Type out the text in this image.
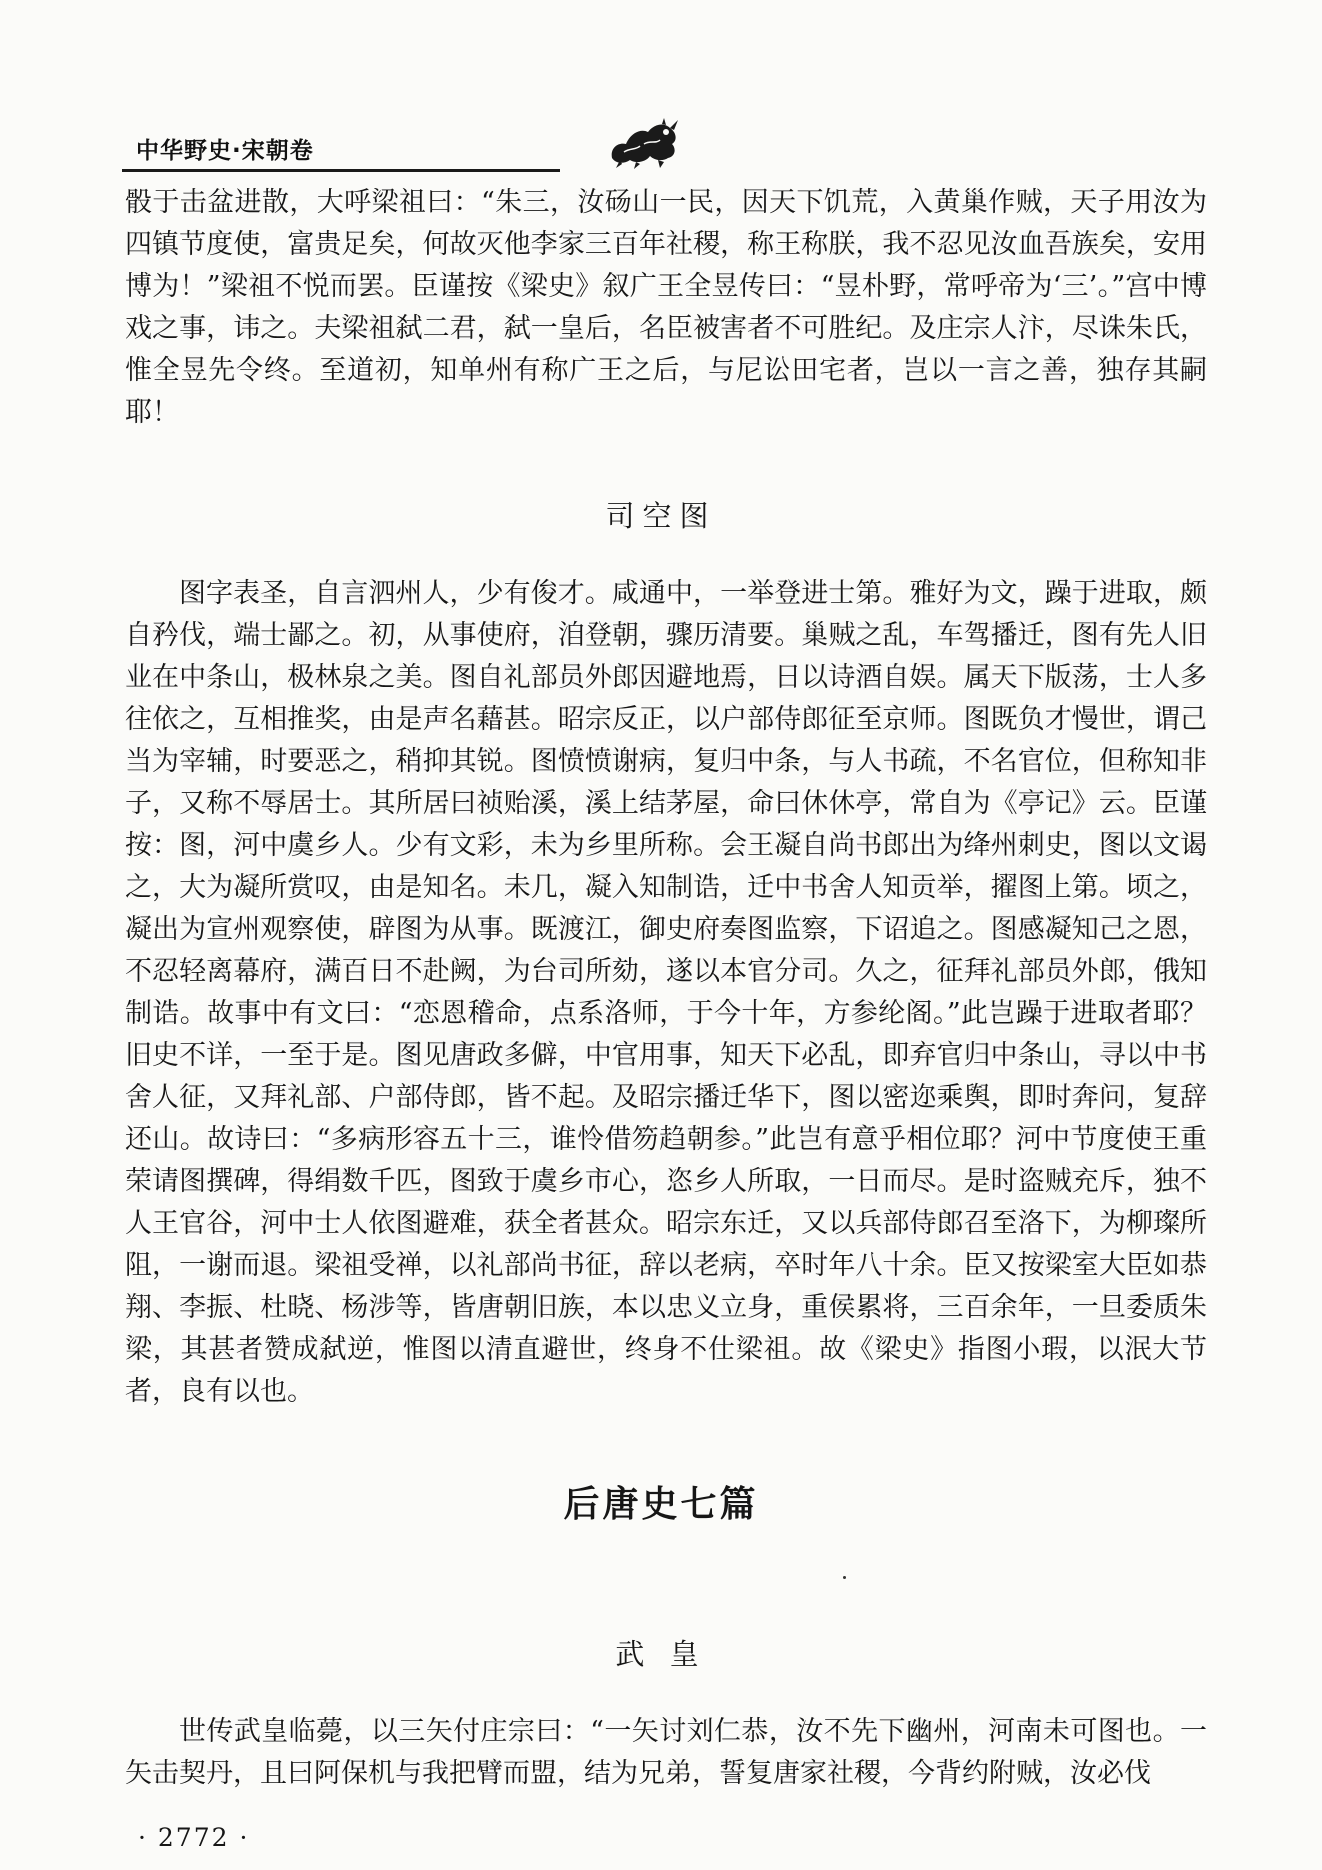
中华野史·宋朝卷

骰于击盆进散，大呼梁祖曰：“朱三，汝砀山一民，因天下饥荒，入黄巢作贼，天子用汝为四镇节度使，富贵足矣，何故灭他李家三百年社稷，称王称朕，我不忍见汝血吾族矣，安用博为！”梁祖不悦而罢。臣谨按《梁史》叙广王全昱传曰：“昱朴野，常呼帝为‘三’。”宫中博戏之事，讳之。夫梁祖弑二君，弑一皇后，名臣被害者不可胜纪。及庄宗人汴，尽诛朱氏，惟全昱先令终。至道初，知单州有称广王之后，与尼讼田宅者，岂以一言之善，独存其嗣耶！

司空图

图字表圣，自言泗州人，少有俊才。咸通中，一举登进士第。雅好为文，躁于进取，颇自矜伐，端士鄙之。初，从事使府，洎登朝，骤历清要。巢贼之乱，车驾播迁，图有先人旧业在中条山，极林泉之美。图自礼部员外郎因避地焉，日以诗酒自娱。属天下版荡，士人多往依之，互相推奖，由是声名藉甚。昭宗反正，以户部侍郎征至京师。图既负才慢世，谓己当为宰辅，时要恶之，稍抑其锐。图愤愤谢病，复归中条，与人书疏，不名官位，但称知非子，又称不辱居士。其所居曰祯贻溪，溪上结茅屋，命曰休休亭，常自为《亭记》云。臣谨按：图，河中虞乡人。少有文彩，未为乡里所称。会王凝自尚书郎出为绛州刺史，图以文谒之，大为凝所赏叹，由是知名。未几，凝入知制诰，迁中书舍人知贡举，擢图上第。顷之，凝出为宣州观察使，辟图为从事。既渡江，御史府奏图监察，下诏追之。图感凝知己之恩，不忍轻离幕府，满百日不赴阙，为台司所劾，遂以本官分司。久之，征拜礼部员外郎，俄知制诰。故事中有文曰：“恋恩稽命，点系洛师，于今十年，方参纶阁。”此岂躁于进取者耶？旧史不详，一至于是。图见唐政多僻，中官用事，知天下必乱，即弃官归中条山，寻以中书舍人征，又拜礼部、户部侍郎，皆不起。及昭宗播迁华下，图以密迩乘舆，即时奔问，复辞还山。故诗曰：“多病形容五十三，谁怜借笏趋朝参。”此岂有意乎相位耶？河中节度使王重荣请图撰碑，得绢数千匹，图致于虞乡市心，恣乡人所取，一日而尽。是时盗贼充斥，独不人王官谷，河中士人依图避难，获全者甚众。昭宗东迁，又以兵部侍郎召至洛下，为柳璨所阻，一谢而退。梁祖受禅，以礼部尚书征，辞以老病，卒时年八十余。臣又按梁室大臣如恭翔、李振、杜晓、杨涉等，皆唐朝旧族，本以忠义立身，重侯累将，三百余年，一旦委质朱梁，其甚者赞成弑逆，惟图以清直避世，终身不仕梁祖。故《梁史》指图小瑕，以泯大节者，良有以也。

后唐史七篇
武 皇

世传武皇临薨，以三矢付庄宗曰：“一矢讨刘仁恭，汝不先下幽州，河南未可图也。一矢击契丹，且曰阿保机与我把臂而盟，结为兄弟，誓复唐家社稷，今背约附贼，汝必伐

· 2772 ·
